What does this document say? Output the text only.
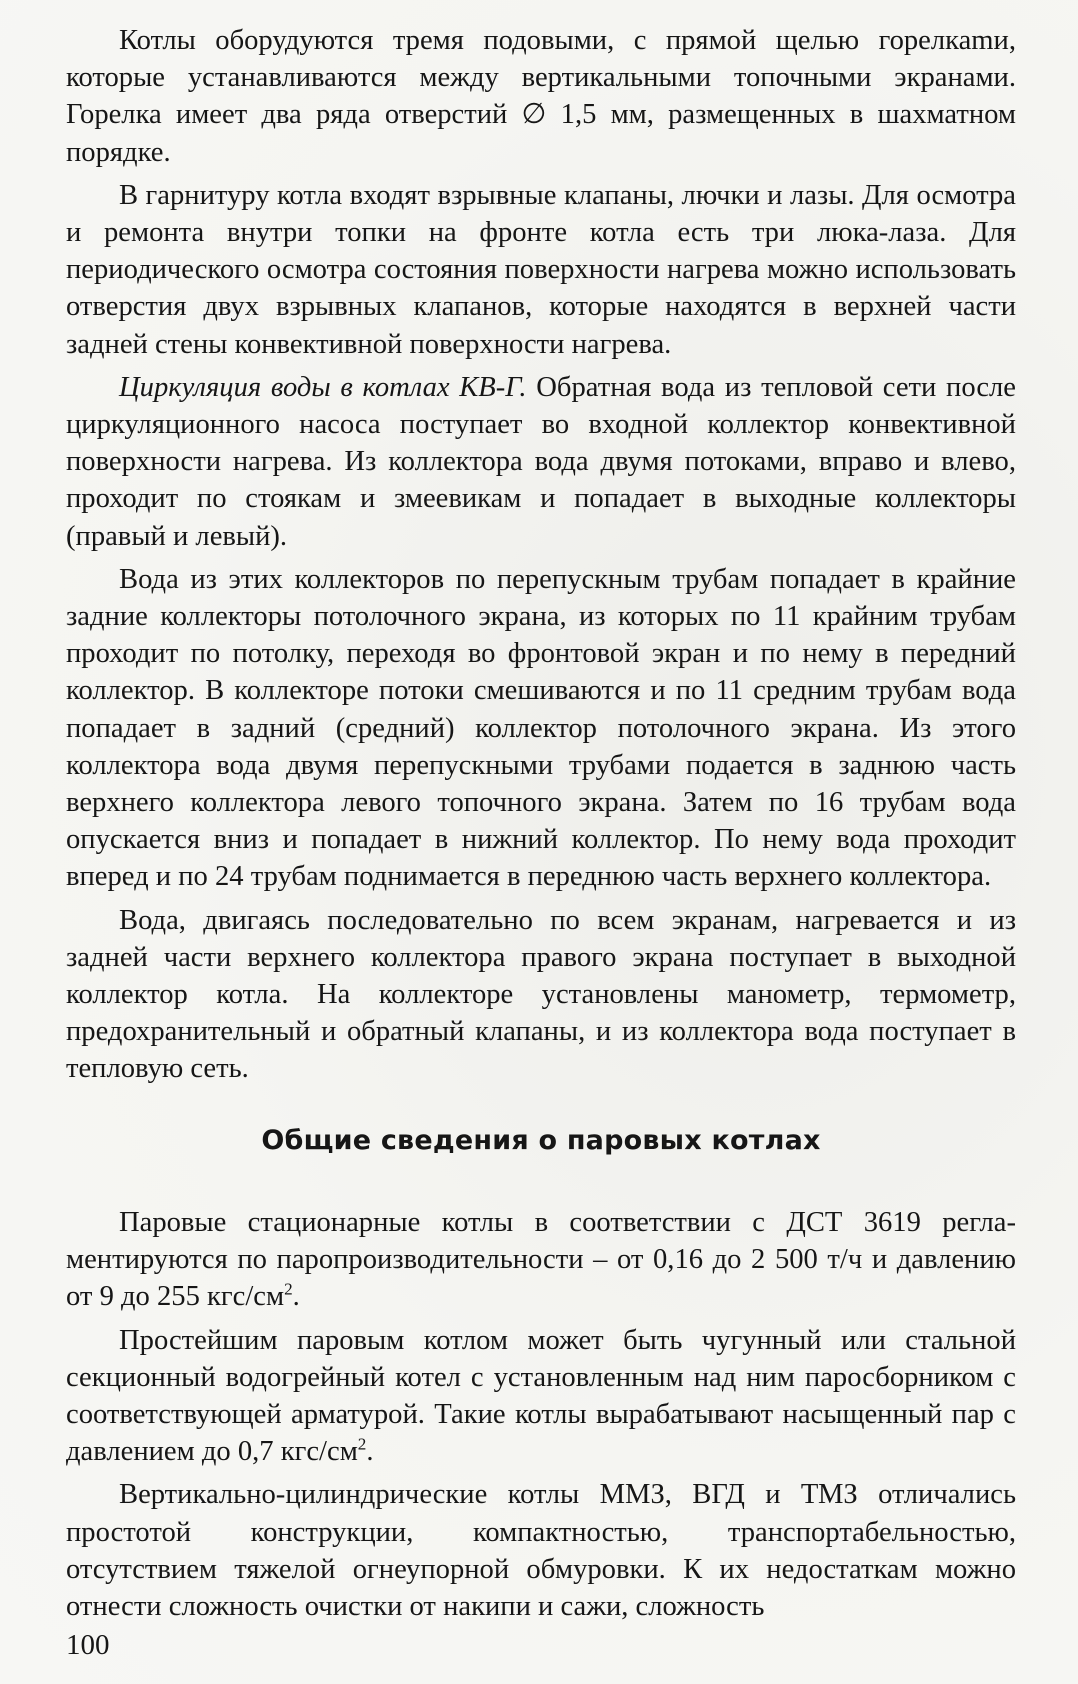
Котлы оборудуются тремя подовыми, с прямой щелью горелкаmи, которые устанавливаются между вертикальными топочными экранами. Горелка имеет два ряда отверстий ∅ 1,5 мм, размещенных в шахматном порядке.

В гарнитуру котла входят взрывные клапаны, лючки и лазы. Для осмотра и ремонта внутри топки на фронте котла есть три люка-лаза. Для периодического осмотра состояния поверхности нагрева можно использовать отверстия двух взрывных клапанов, которые находятся в верхней части задней стены конвективной поверхности нагрева.

Циркуляция воды в котлах КВ-Г. Обратная вода из тепловой сети после циркуляционного насоса поступает во входной коллектор конвективной поверхности нагрева. Из коллектора вода двумя потоками, вправо и влево, проходит по стоякам и змеевикам и попадает в выходные коллекторы (правый и левый).

Вода из этих коллекторов по перепускным трубам попадает в крайние задние коллекторы потолочного экрана, из которых по 11 крайним трубам проходит по потолку, переходя во фронтовой экран и по нему в передний коллектор. В коллекторе потоки смешиваются и по 11 средним трубам вода попадает в задний (средний) коллектор потолочного экрана. Из этого коллектора вода двумя перепускными трубами подается в заднюю часть верхнего коллектора левого топочного экрана. Затем по 16 трубам вода опускается вниз и попадает в нижний коллектор. По нему вода проходит вперед и по 24 трубам поднимается в переднюю часть верхнего коллектора.

Вода, двигаясь последовательно по всем экранам, нагревается и из задней части верхнего коллектора правого экрана поступает в выходной коллектор котла. На коллекторе установлены манометр, термометр, предохранительный и обратный клапаны, и из коллектора вода поступает в тепловую сеть.

Общие сведения о паровых котлах

Паровые стационарные котлы в соответствии с ДСТ 3619 регламентируются по паропроизводительности – от 0,16 до 2 500 т/ч и давлению от 9 до 255 кгс/$см^2$.

Простейшим паровым котлом может быть чугунный или стальной секционный водогрейный котел с установленным над ним паросборником с соответствующей арматурой. Такие котлы вырабатывают насыщенный пар с давлением до 0,7 кгс/$см^2$.

Вертикально-цилиндрические котлы ММЗ, ВГД и ТМЗ отличались простотой конструкции, компактностью, транспортабельностью, отсутствием тяжелой огнеупорной обмуровки. К их недостаткам можно отнести сложность очистки от накипи и сажи, сложность

100
